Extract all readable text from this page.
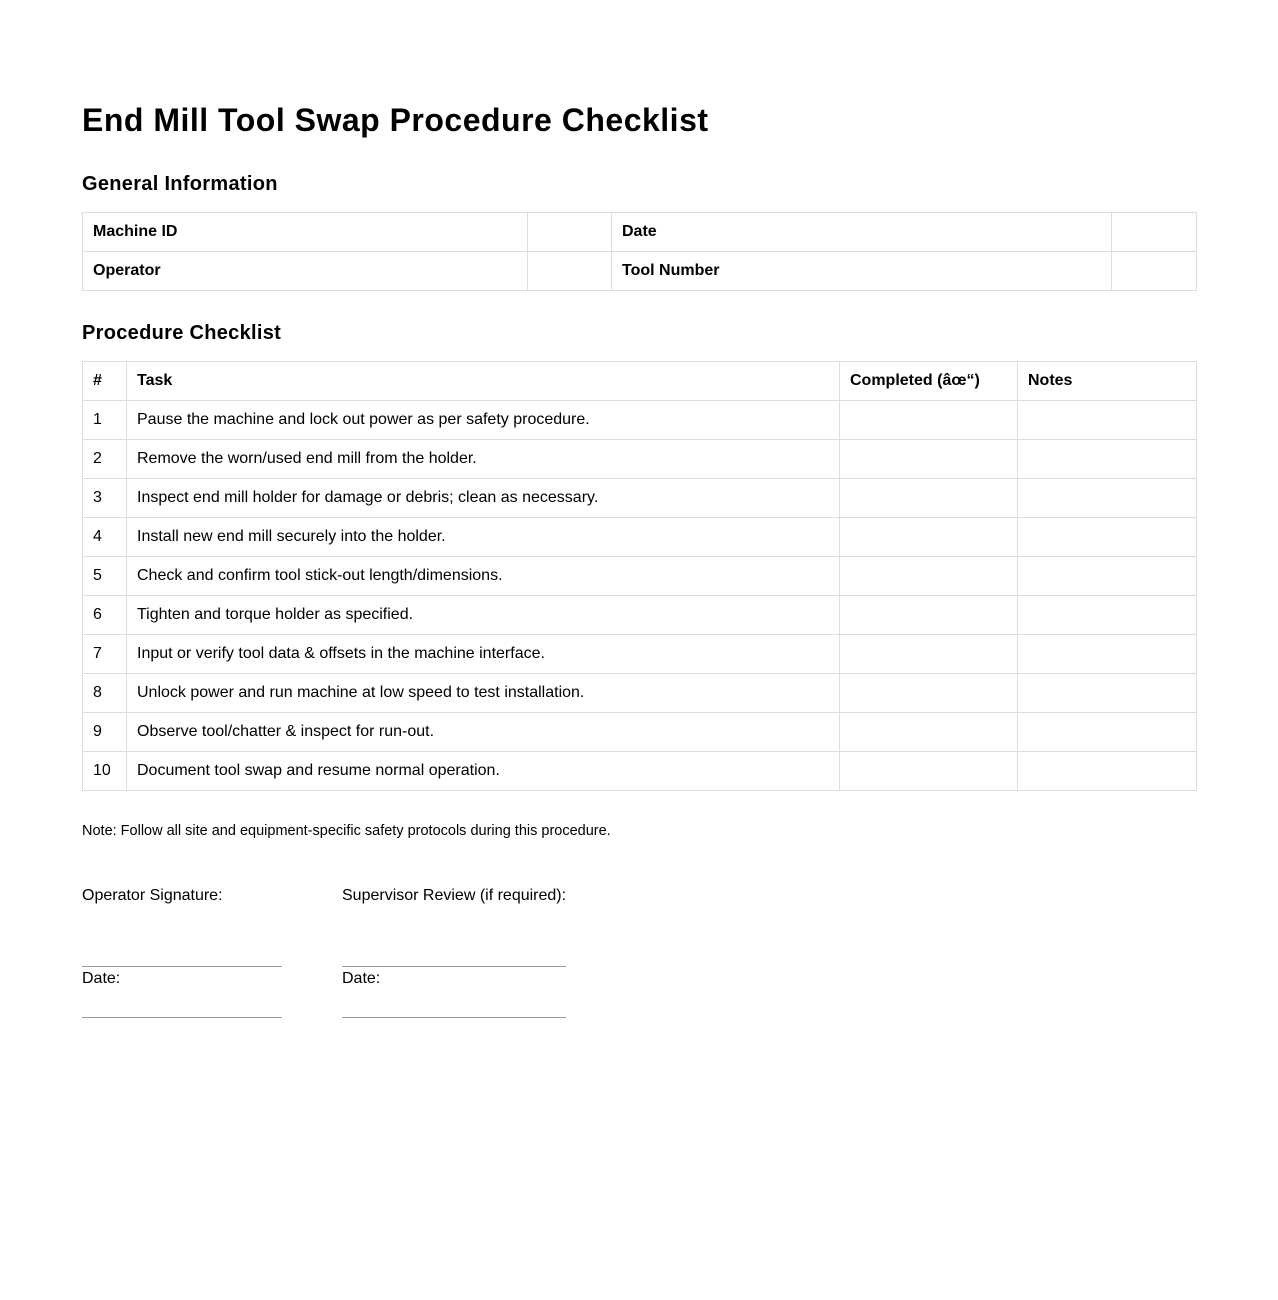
End Mill Tool Swap Procedure Checklist
General Information
Machine ID		Date	
Operator		Tool Number	
Procedure Checklist
#	Task	Completed (âœ“)	Notes
1	Pause the machine and lock out power as per safety procedure.		
2	Remove the worn/used end mill from the holder.		
3	Inspect end mill holder for damage or debris; clean as necessary.		
4	Install new end mill securely into the holder.		
5	Check and confirm tool stick-out length/dimensions.		
6	Tighten and torque holder as specified.		
7	Input or verify tool data & offsets in the machine interface.		
8	Unlock power and run machine at low speed to test installation.		
9	Observe tool/chatter & inspect for run-out.		
10	Document tool swap and resume normal operation.		
Note: Follow all site and equipment-specific safety protocols during this procedure.
Operator Signature:	Supervisor Review (if required):
Date:	Date:
